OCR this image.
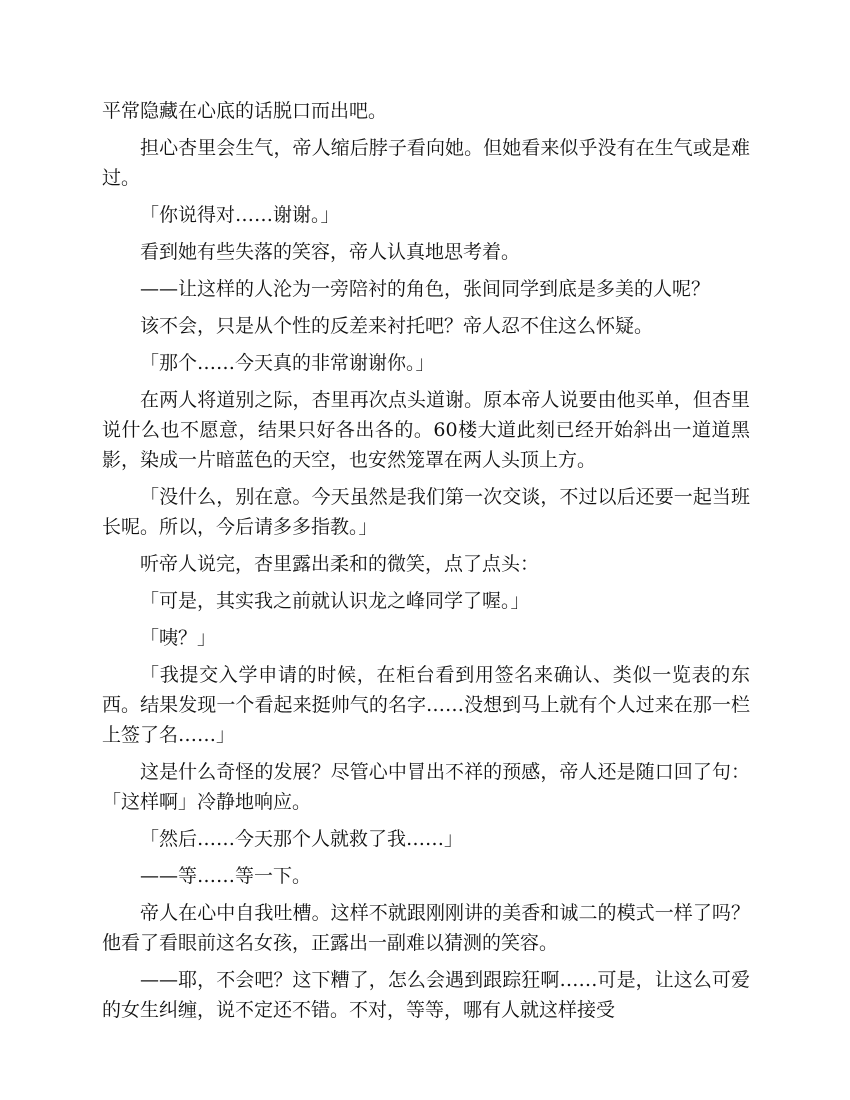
平常隐藏在心底的话脱口而出吧。

担心杏里会生气，帝人缩后脖子看向她。但她看来似乎没有在生气或是难过。

「你说得对……谢谢。」

看到她有些失落的笑容，帝人认真地思考着。

——让这样的人沦为一旁陪衬的角色，张间同学到底是多美的人呢？

该不会，只是从个性的反差来衬托吧？帝人忍不住这么怀疑。

「那个……今天真的非常谢谢你。」

在两人将道别之际，杏里再次点头道谢。原本帝人说要由他买单，但杏里说什么也不愿意，结果只好各出各的。60楼大道此刻已经开始斜出一道道黑影，染成一片暗蓝色的天空，也安然笼罩在两人头顶上方。

「没什么，别在意。今天虽然是我们第一次交谈，不过以后还要一起当班长呢。所以，今后请多多指教。」

听帝人说完，杏里露出柔和的微笑，点了点头：

「可是，其实我之前就认识龙之峰同学了喔。」

「咦？」

「我提交入学申请的时候，在柜台看到用签名来确认、类似一览表的东西。结果发现一个看起来挺帅气的名字……没想到马上就有个人过来在那一栏上签了名……」

这是什么奇怪的发展？尽管心中冒出不祥的预感，帝人还是随口回了句：「这样啊」冷静地响应。

「然后……今天那个人就救了我……」

——等……等一下。

帝人在心中自我吐槽。这样不就跟刚刚讲的美香和诚二的模式一样了吗？他看了看眼前这名女孩，正露出一副难以猜测的笑容。

——耶，不会吧？这下糟了，怎么会遇到跟踪狂啊……可是，让这么可爱的女生纠缠，说不定还不错。不对，等等，哪有人就这样接受
